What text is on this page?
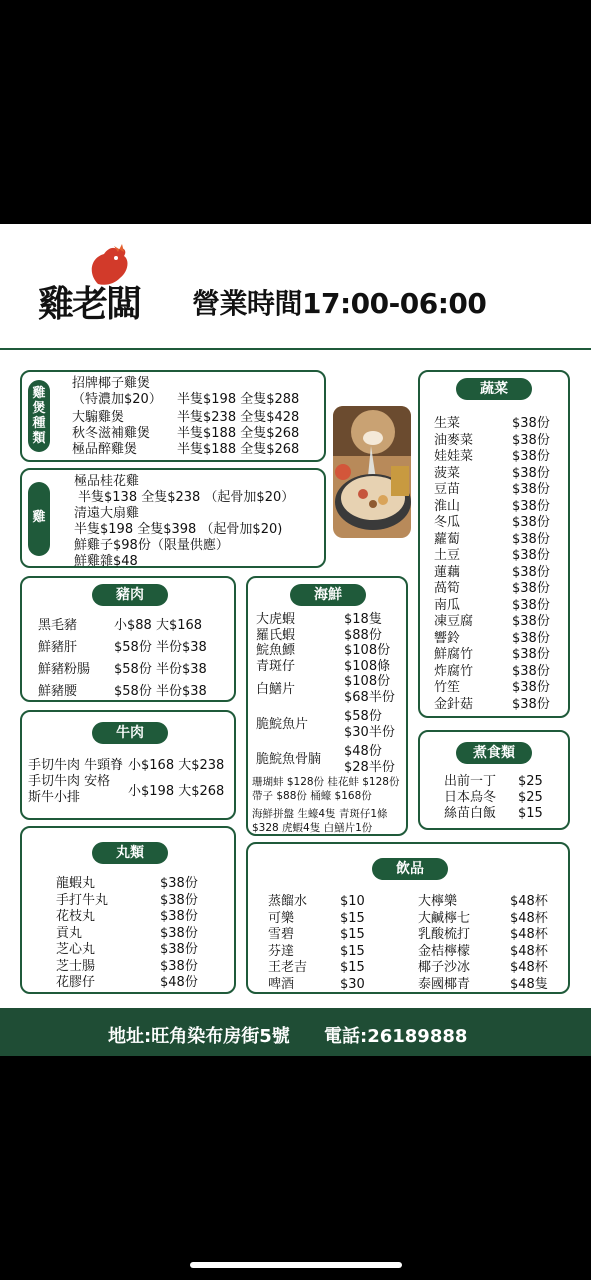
雞老闆 營業時間17:00-06:00
雞煲種類
招牌椰子雞煲
（特濃加$20） 半隻$198 全隻$288
大騸雞煲	半隻$238 全隻$428
秋冬滋補雞煲 半隻$188 全隻$268
極品醉雞煲	半隻$188 全隻$268
雞
極品桂花雞
半隻$138 全隻$238 （起骨加$20）
清遠大扇雞
半隻$198 全隻$398 （起骨加$20)
鮮雞子$98份（限量供應）
鮮雞雜$48
蔬菜
生菜	$38份
油麥菜	$38份
娃娃菜	$38份
菠菜	$38份
豆苗	$38份
淮山	$38份
冬瓜	$38份
蘿蔔	$38份
土豆	$38份
蓮藕	$38份
萵筍	$38份
南瓜	$38份
凍豆腐	$38份
響鈴	$38份
鮮腐竹	$38份
炸腐竹	$38份
竹笙	$38份
金針菇	$38份
豬肉
黑毛豬	小$88 大$168
鮮豬肝	$58份 半份$38
鮮豬粉腸 $58份 半份$38
鮮豬腰	$58份 半份$38
海鮮
珊瑚蚌 $128份 桂花蚌 $128份
帶子 $88份 桶蠔 $168份
海鮮拼盤 生蠔4隻 青斑仔1條
$328 虎蝦4隻 白鱔片1份
大虎蝦	$18隻
羅氏蝦	$88份
鯇魚鰾	$108份
青斑仔	$108條
白鱔片
$108份
$68半份
脆鯇魚片
$58份
$30半份
脆鯇魚骨腩
$48份
$28半份
牛肉
手切牛肉 牛頸脊 小$168 大$238
手切牛肉 安格
斯牛小排	小$198 大$268
煮食類
出前一丁 $25
日本烏冬 $25
絲苗白飯 $15
丸類
龍蝦丸	$38份
手打牛丸	$38份
花枝丸	$38份
貢丸	$38份
芝心丸	$38份
芝士腸	$38份
花膠仔	$48份
飲品
蒸餾水	$10
可樂	$15
雪碧	$15
芬達	$15
王老吉	$15
啤酒	$30
大檸樂	$48杯
大鹹檸七	$48杯
乳酸梳打	$48杯
金桔檸檬	$48杯
椰子沙冰	$48杯
泰國椰青	$48隻
地址:旺角染布房街5號 電話:26189888
